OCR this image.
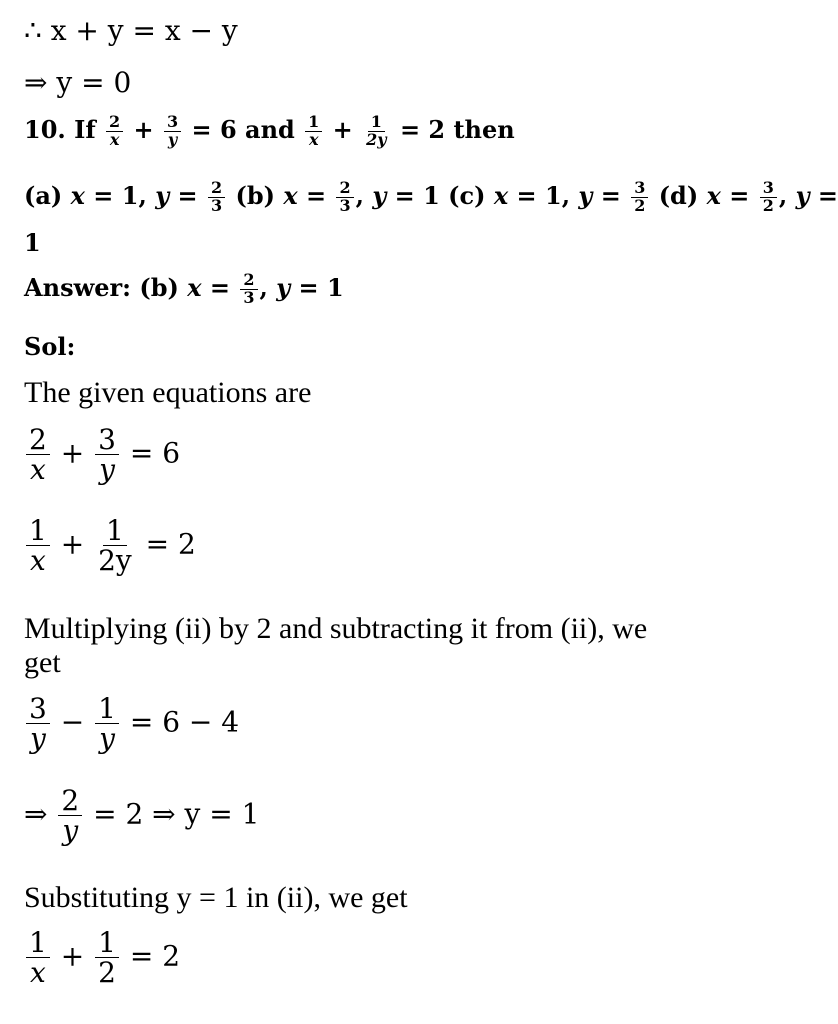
∴ x + y = x − y
⇒ y = 0
10. If $\frac{2}{x} + \frac{3}{y} = 6$ and $\frac{1}{x} + \frac{1}{2y} = 2$ then
(a) x = 1, $y = \frac{2}{3} (b) x = \frac{2}{3}$ , y = 1 (c) x = 1, $y = \frac{3}{2} (d) x = \frac{3}{2}$ , y =
1
Answer: (b) $x = \frac{2}{3}$ , y = 1
Sol:
The given equations are
$\frac{2}{x} + \frac{3}{y} = 6$
$\frac{1}{x} + \frac{1}{2y} = 2$
Multiplying (ii) by 2 and subtracting it from (ii), we
get
$\frac{3}{y} - \frac{1}{y} = 6 - 4$
⇒ $\frac{2}{y} = 2$ ⇒ y = 1
Substituting y = 1 in (ii), we get
$\frac{1}{x} + \frac{1}{2} = 2$
